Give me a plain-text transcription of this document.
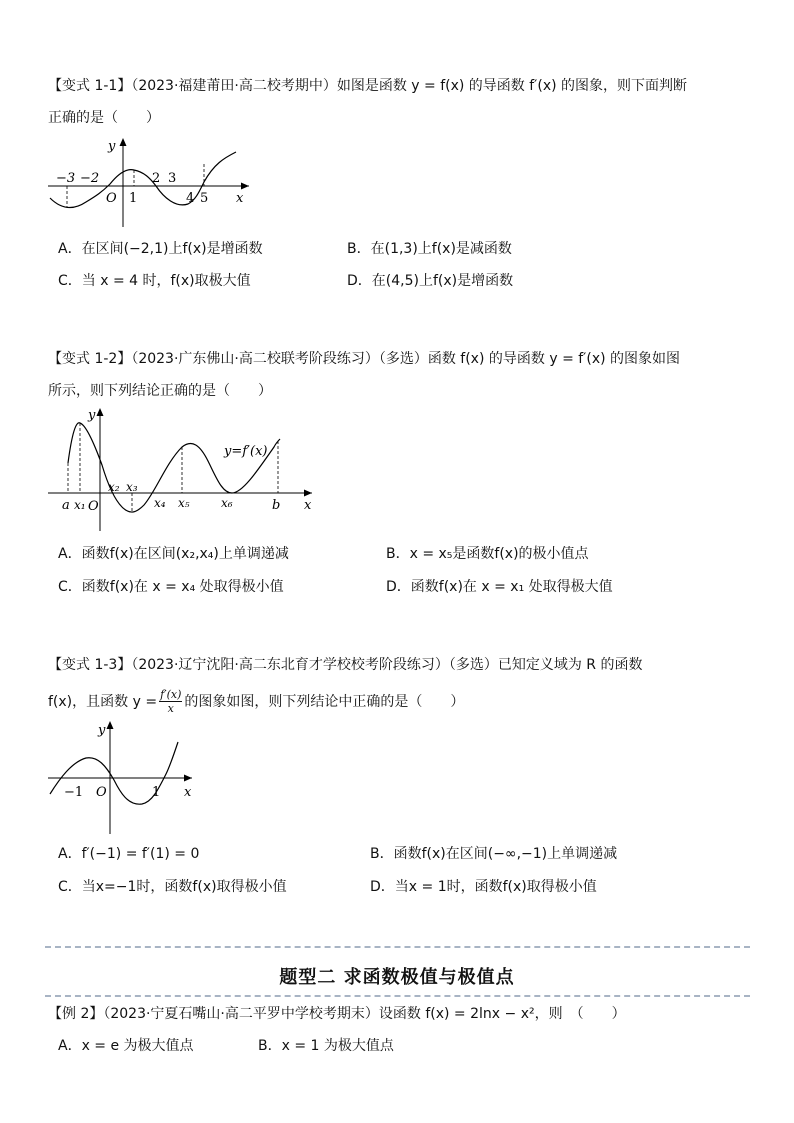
【变式 1-1】（2023·福建莆田·高二校考期中）如图是函数 y = f(x) 的导函数 f′(x) 的图象，则下面判断
正确的是（　　）
−3 −2
O 1
2 3
4 5 x
y
A．在区间(−2,1)上f(x)是增函数	B．在(1,3)上f(x)是减函数
C．当 x = 4 时，f(x)取极大值	D．在(4,5)上f(x)是增函数
【变式 1-2】（2023·广东佛山·高二校联考阶段练习）（多选）函数 f(x) 的导函数 y = f′(x) 的图象如图
所示，则下列结论正确的是（　　）
y
y=f′(x)
a x₁ O
x₂ x₃
x₄ x₅	x₆	b x
A．函数f(x)在区间(x₂,x₄)上单调递减	B．x = x₅是函数f(x)的极小值点
C．函数f(x)在 x = x₄ 处取得极小值	D．函数f(x)在 x = x₁ 处取得极大值
【变式 1-3】（2023·辽宁沈阳·高二东北育才学校校考阶段练习）（多选）已知定义域为 R 的函数
f(x)，且函数 $y = \frac{f'(x)}{x}$ 的图象如图，则下列结论中正确的是（　　）
y
−1 O	1 x
A．f′(−1) = f′(1) = 0	B．函数f(x)在区间(−∞,−1)上单调递减
C．当x=−1时，函数f(x)取得极小值	D．当x = 1时，函数f(x)取得极小值
题型二 求函数极值与极值点
【例 2】（2023·宁夏石嘴山·高二平罗中学校考期末）设函数 f(x) = 2lnx − x²，则　（　　）
A．x = e 为极大值点	B．x = 1 为极大值点
